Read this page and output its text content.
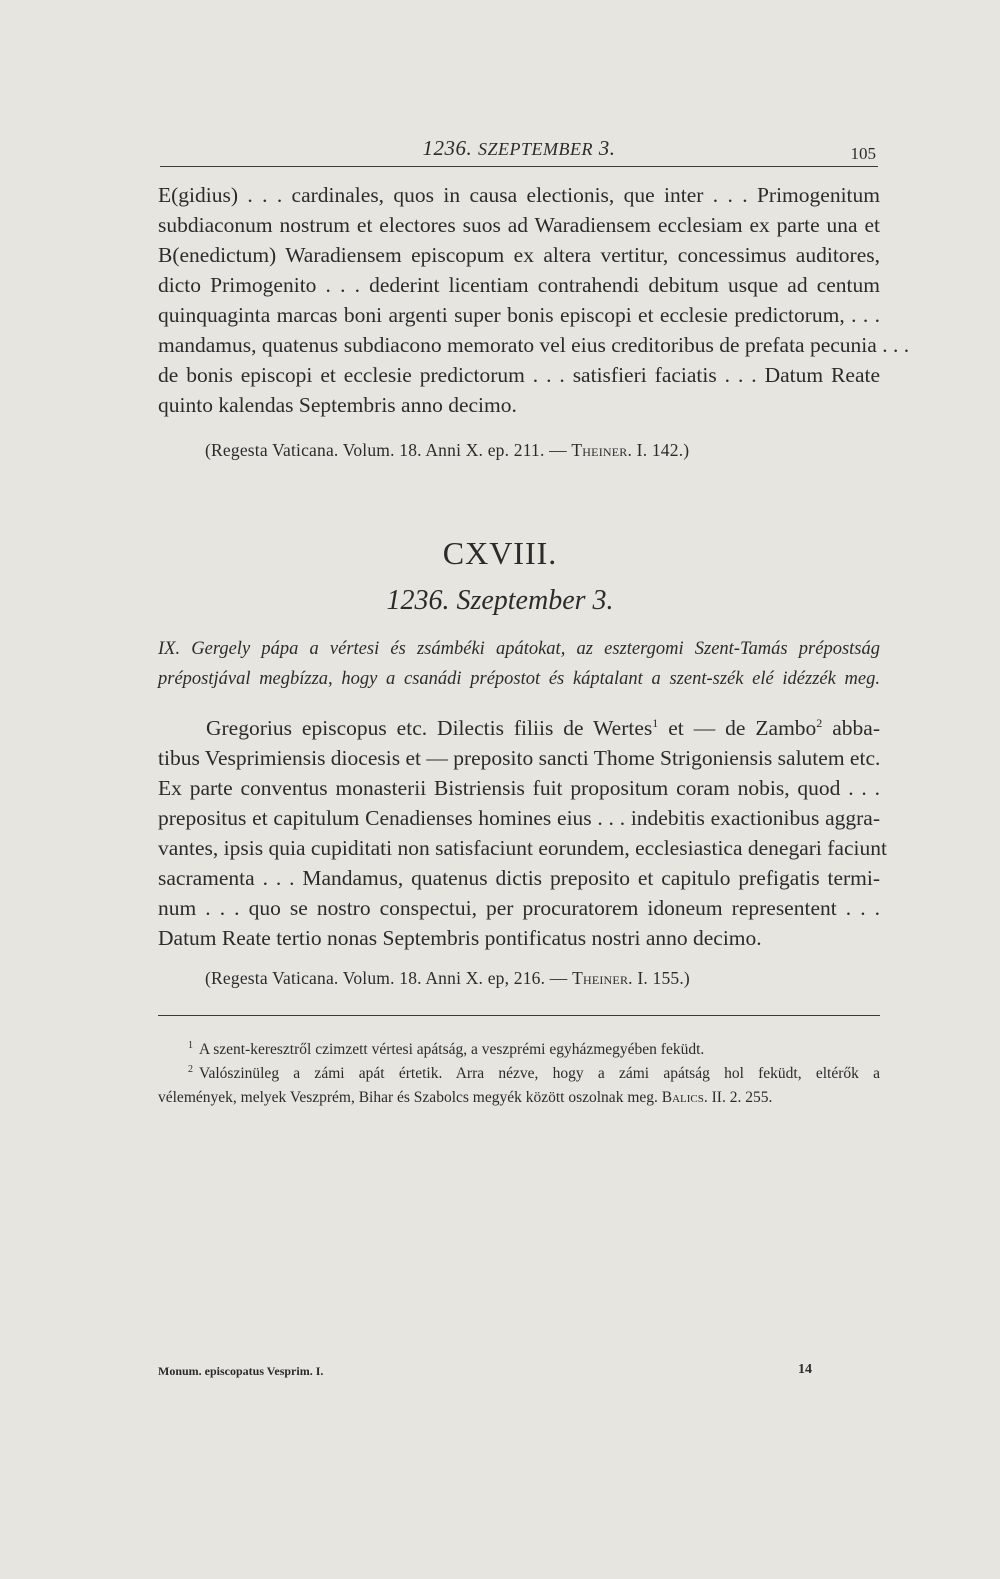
1236. SZEPTEMBER 3.	105
E(gidius) . . . cardinales, quos in causa electionis, que inter . . . Primogenitum
subdiaconum nostrum et electores suos ad Waradiensem ecclesiam ex parte una et
B(enedictum) Waradiensem episcopum ex altera vertitur, concessimus auditores,
dicto Primogenito . . . dederint licentiam contrahendi debitum usque ad centum
quinquaginta marcas boni argenti super bonis episcopi et ecclesie predictorum, . . .
mandamus, quatenus subdiacono memorato vel eius creditoribus de prefata pecunia . . .
de bonis episcopi et ecclesie predictorum . . . satisfieri faciatis . . . Datum Reate
quinto kalendas Septembris anno decimo.
(Regesta Vaticana. Volum. 18. Anni X. ep. 211. — Theiner. I. 142.)
CXVIII.
1236. Szeptember 3.
IX. Gergely pápa a vértesi és zsámbéki apátokat, az esztergomi Szent-Tamás prépostság
prépostjával megbízza, hogy a csanádi prépostot és káptalant a szent-szék elé idézzék meg.
Gregorius episcopus etc. Dilectis filiis de Wertes$^1$ et — de Zambo$^2$ abba-
tibus Vesprimiensis diocesis et — preposito sancti Thome Strigoniensis salutem etc.
Ex parte conventus monasterii Bistriensis fuit propositum coram nobis, quod . . .
prepositus et capitulum Cenadienses homines eius . . . indebitis exactionibus aggra-
vantes, ipsis quia cupiditati non satisfaciunt eorundem, ecclesiastica denegari faciunt
sacramenta . . . Mandamus, quatenus dictis preposito et capitulo prefigatis termi-
num . . . quo se nostro conspectui, per procuratorem idoneum representent . . .
Datum Reate tertio nonas Septembris pontificatus nostri anno decimo.
(Regesta Vaticana. Volum. 18. Anni X. ep, 216. — Theiner. I. 155.)
$^1$ A szent-keresztről czimzett vértesi apátság, a veszprémi egyházmegyében feküdt.
$^2$ Valószinüleg a zámi apát értetik. Arra nézve, hogy a zámi apátság hol feküdt, eltérők a
vélemények, melyek Veszprém, Bihar és Szabolcs megyék között oszolnak meg. Balics. II. 2. 255.
Monum. episcopatus Vesprim. I.	14
